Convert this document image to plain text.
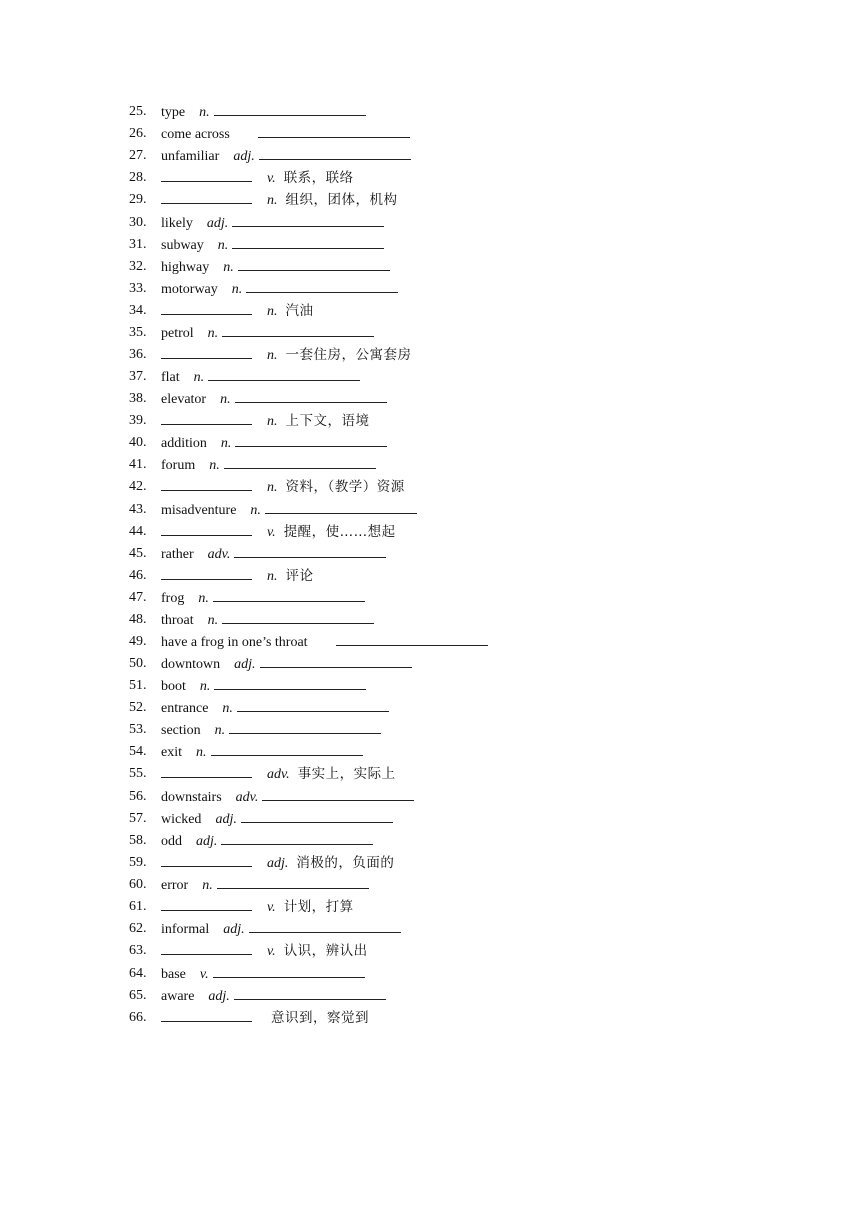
25. type n.
26. come across
27. unfamiliar adj.
28.	v. 联系，联络
29.	n. 组织，团体，机构
30. likely adj.
31. subway n.
32. highway n.
33. motorway n.
34.	n. 汽油
35. petrol n.
36.	n. 一套住房，公寓套房
37. flat n.
38. elevator n.
39.	n. 上下文，语境
40. addition n.
41. forum n.
42.	n. 资料，（教学）资源
43. misadventure n.
44.	v. 提醒，使……想起
45. rather adv.
46.	n. 评论
47. frog n.
48. throat n.
49. have a frog in one’s throat
50. downtown adj.
51. boot n.
52. entrance n.
53. section n.
54. exit n.
55.	adv. 事实上，实际上
56. downstairs adv.
57. wicked adj.
58. odd adj.
59.	adj. 消极的，负面的
60. error n.
61.	v. 计划，打算
62. informal adj.
63.	v. 认识，辨认出
64. base v.
65. aware adj.
66.	意识到，察觉到
